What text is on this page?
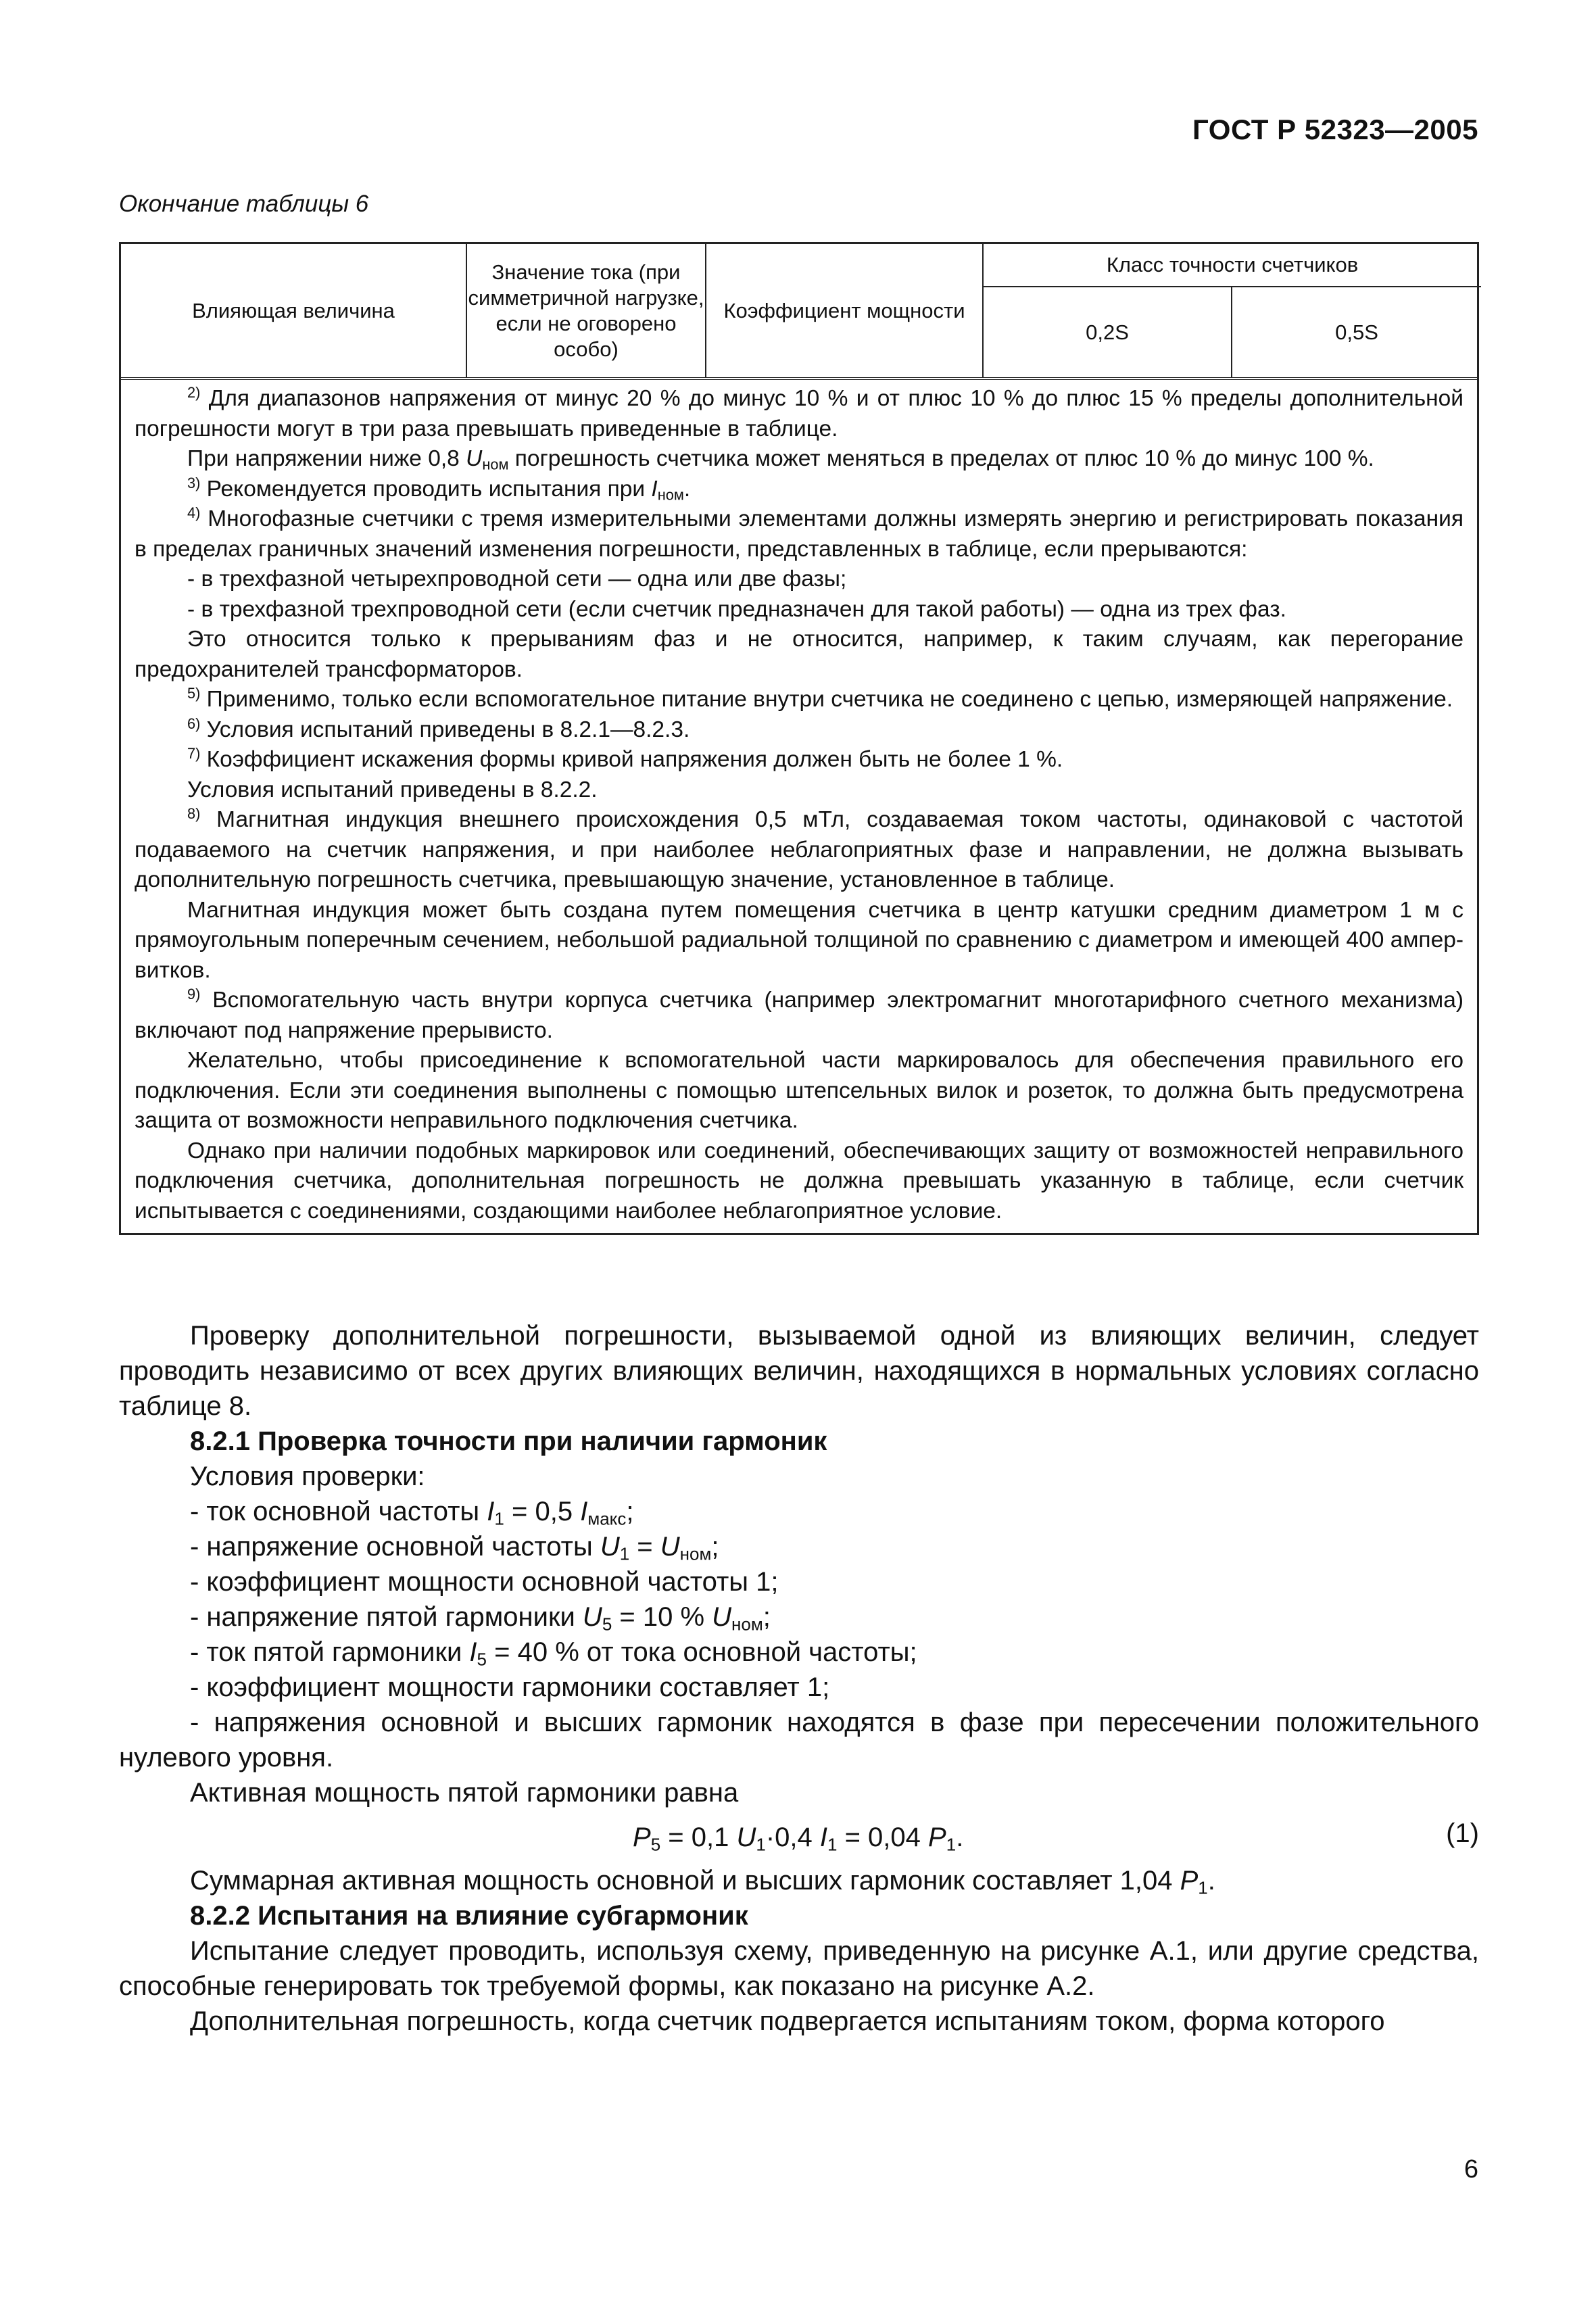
ГОСТ Р 52323—2005
Окончание таблицы 6
Влияющая величина
Значение тока (при симметричной нагрузке, если не оговорено особо)
Коэффициент мощности
Класс точности счетчиков
0,2S	0,5S

$^{2)}$ Для диапазонов напряжения от минус 20 % до минус 10 % и от плюс 10 % до плюс 15 % пределы дополнительной погрешности могут в три раза превышать приведенные в таблице.

При напряжении ниже 0,8 $U_{ном}$ погрешность счетчика может меняться в пределах от плюс 10 % до минус 100 %.

$^{3)}$ Рекомендуется проводить испытания при $I_{ном}$.

$^{4)}$ Многофазные счетчики с тремя измерительными элементами должны измерять энергию и регистрировать показания в пределах граничных значений изменения погрешности, представленных в таблице, если прерываются:

- в трехфазной четырехпроводной сети — одна или две фазы;

- в трехфазной трехпроводной сети (если счетчик предназначен для такой работы) — одна из трех фаз.

Это относится только к прерываниям фаз и не относится, например, к таким случаям, как перегорание предохранителей трансформаторов.

$^{5)}$ Применимо, только если вспомогательное питание внутри счетчика не соединено с цепью, измеряющей напряжение.

$^{6)}$ Условия испытаний приведены в 8.2.1—8.2.3.

$^{7)}$ Коэффициент искажения формы кривой напряжения должен быть не более 1 %.

Условия испытаний приведены в 8.2.2.

$^{8)}$ Магнитная индукция внешнего происхождения 0,5 мТл, создаваемая током частоты, одинаковой с частотой подаваемого на счетчик напряжения, и при наиболее неблагоприятных фазе и направлении, не должна вызывать дополнительную погрешность счетчика, превышающую значение, установленное в таблице.

Магнитная индукция может быть создана путем помещения счетчика в центр катушки средним диаметром 1 м с прямоугольным поперечным сечением, небольшой радиальной толщиной по сравнению с диаметром и имеющей 400 ампер-витков.

$^{9)}$ Вспомогательную часть внутри корпуса счетчика (например электромагнит многотарифного счетного механизма) включают под напряжение прерывисто.

Желательно, чтобы присоединение к вспомогательной части маркировалось для обеспечения правильного его подключения. Если эти соединения выполнены с помощью штепсельных вилок и розеток, то должна быть предусмотрена защита от возможности неправильного подключения счетчика.

Однако при наличии подобных маркировок или соединений, обеспечивающих защиту от возможностей неправильного подключения счетчика, дополнительная погрешность не должна превышать указанную в таблице, если счетчик испытывается с соединениями, создающими наиболее неблагоприятное условие.

Проверку дополнительной погрешности, вызываемой одной из влияющих величин, следует проводить независимо от всех других влияющих величин, находящихся в нормальных условиях согласно таблице 8.

8.2.1 Проверка точности при наличии гармоник

Условия проверки:

- ток основной частоты $I_1 = 0,5$ $I_{макс}$;

- напряжение основной частоты $U_1 = U_{ном}$;

- коэффициент мощности основной частоты 1;

- напряжение пятой гармоники $U_5 = 10$ % $U_{ном}$;

- ток пятой гармоники $I_5 = 40$ % от тока основной частоты;

- коэффициент мощности гармоники составляет 1;

- напряжения основной и высших гармоник находятся в фазе при пересечении положительного нулевого уровня.

Активная мощность пятой гармоники равна

$P_5 = 0,1$ $U_1\cdot 0,4$ $I_1 = 0,04$ $P_1$.	(1)

Суммарная активная мощность основной и высших гармоник составляет 1,04 $P_1$.

8.2.2 Испытания на влияние субгармоник

Испытание следует проводить, используя схему, приведенную на рисунке А.1, или другие средства, способные генерировать ток требуемой формы, как показано на рисунке А.2.

Дополнительная погрешность, когда счетчик подвергается испытаниям током, форма которого

6
